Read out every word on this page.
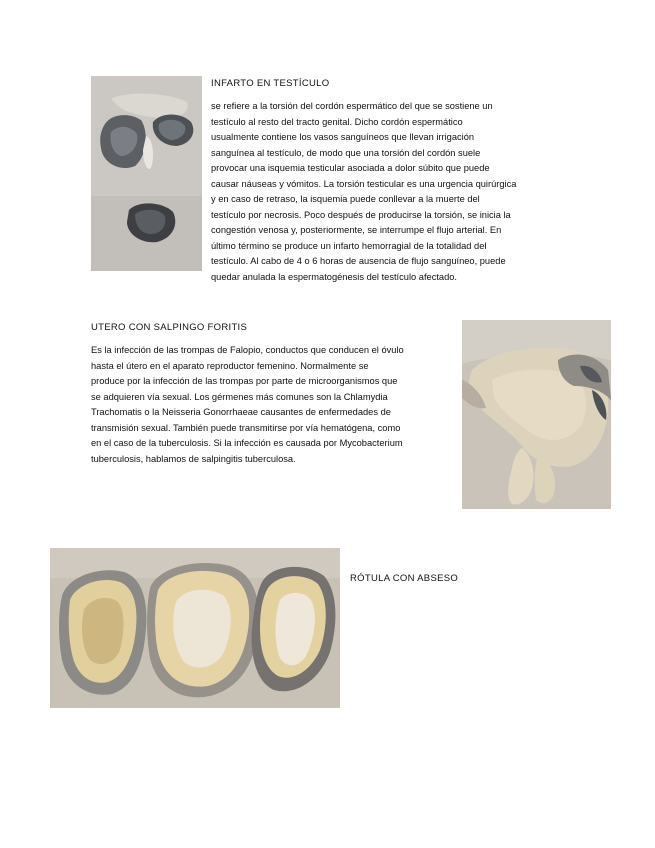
INFARTO EN TESTÍCULO
se refiere a la torsión del cordón espermático del que se sostiene un
testículo al resto del tracto genital. Dicho cordón espermático
usualmente contiene los vasos sanguíneos que llevan irrigación
sanguínea al testículo, de modo que una torsión del cordón suele
provocar una isquemia testicular asociada a dolor súbito que puede
causar náuseas y vómitos. La torsión testicular es una urgencia quirúrgica
y en caso de retraso, la isquemia puede conllevar a la muerte del
testículo por necrosis. Poco después de producirse la torsión, se inicia la
congestión venosa y, posteriormente, se interrumpe el flujo arterial. En
último término se produce un infarto hemorragial de la totalidad del
testículo. Al cabo de 4 o 6 horas de ausencia de flujo sanguíneo, puede
quedar anulada la espermatogénesis del testículo afectado.
UTERO CON SALPINGO FORITIS
Es la infección de las trompas de Falopio, conductos que conducen el óvulo
hasta el útero en el aparato reproductor femenino. Normalmente se
produce por la infección de las trompas por parte de microorganismos que
se adquieren vía sexual. Los gérmenes más comunes son la Chlamydia
Trachomatis o la Neisseria Gonorrhaeae causantes de enfermedades de
transmisión sexual. También puede transmitirse por vía hematógena, como
en el caso de la tuberculosis. Si la infección es causada por Mycobacterium
tuberculosis, hablamos de salpingitis tuberculosa.
RÓTULA CON ABSESO
